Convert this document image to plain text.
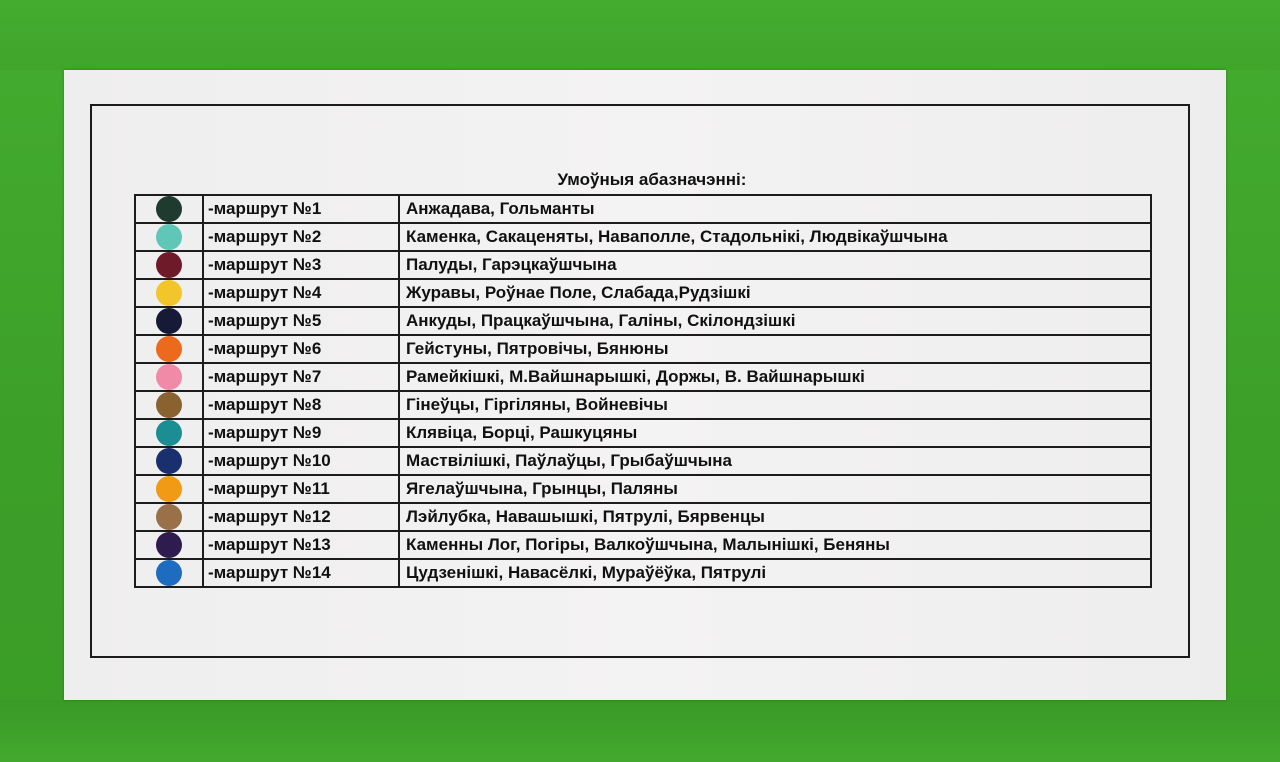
Умоўныя абазначэнні:
	-маршрут №1	Анжадава, Гольманты
	-маршрут №2	Каменка, Сакаценяты, Наваполле, Стадольнікі, Людвікаўшчына
	-маршрут №3	Палуды, Гарэцкаўшчына
	-маршрут №4	Журавы, Роўнае Поле, Слабада,Рудзішкі
	-маршрут №5	Анкуды, Працкаўшчына, Галіны, Скілондзішкі
	-маршрут №6	Гейстуны, Пятровічы, Бянюны
	-маршрут №7	Рамейкішкі, М.Вайшнарышкі, Доржы, В. Вайшнарышкі
	-маршрут №8	Гінеўцы, Гіргіляны, Войневічы
	-маршрут №9	Клявіца, Борці, Рашкуцяны
	-маршрут №10	Маствілішкі, Паўлаўцы, Грыбаўшчына
	-маршрут №11	Ягелаўшчына, Грынцы, Паляны
	-маршрут №12	Лэйлубка, Навашышкі, Пятрулі, Бярвенцы
	-маршрут №13	Каменны Лог, Погіры, Валкоўшчына, Малынішкі, Беняны
	-маршрут №14	Цудзенішкі, Навасёлкі, Мураўёўка, Пятрулі
